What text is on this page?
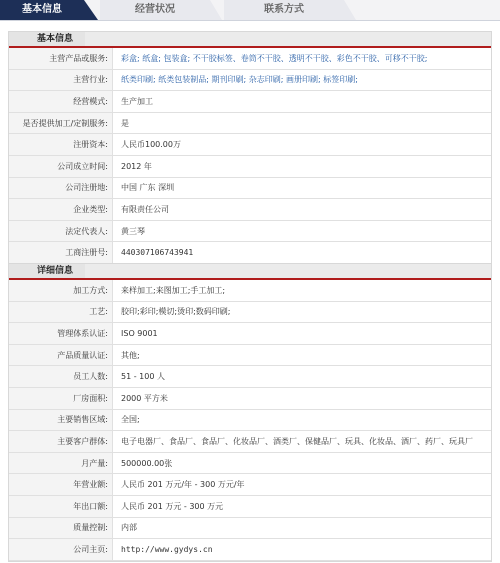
基本信息	经营状况	联系方式
基本信息
主营产品或服务:	彩盒; 纸盒; 包装盒; 不干胶标签、卷筒不干胶、透明不干胶、彩色不干胶、可移不干胶;
主营行业:	纸类印刷; 纸类包装制品; 期刊印刷; 杂志印刷; 画册印刷; 标签印刷;
经营模式:	生产加工
是否提供加工/定制服务:	是
注册资本:	人民币100.00万
公司成立时间:	2012 年
公司注册地:	中国 广东 深圳
企业类型:	有限责任公司
法定代表人:	黄三琴
工商注册号:	440307106743941
详细信息
加工方式:	来样加工;来图加工;手工加工;
工艺:	胶印;彩印;模切;烫印;数码印刷;
管理体系认证:	ISO 9001
产品质量认证:	其他;
员工人数:	51 - 100 人
厂房面积:	2000 平方米
主要销售区域:	全国;
主要客户群体:	电子电器厂、食品厂、食品厂、化妆品厂、酒类厂、保健品厂、玩具、化妆品、酒厂、药厂、玩具厂
月产量:	500000.00张
年营业额:	人民币 201 万元/年 - 300 万元/年
年出口额:	人民币 201 万元 - 300 万元
质量控制:	内部
公司主页:	http://www.gydys.cn
